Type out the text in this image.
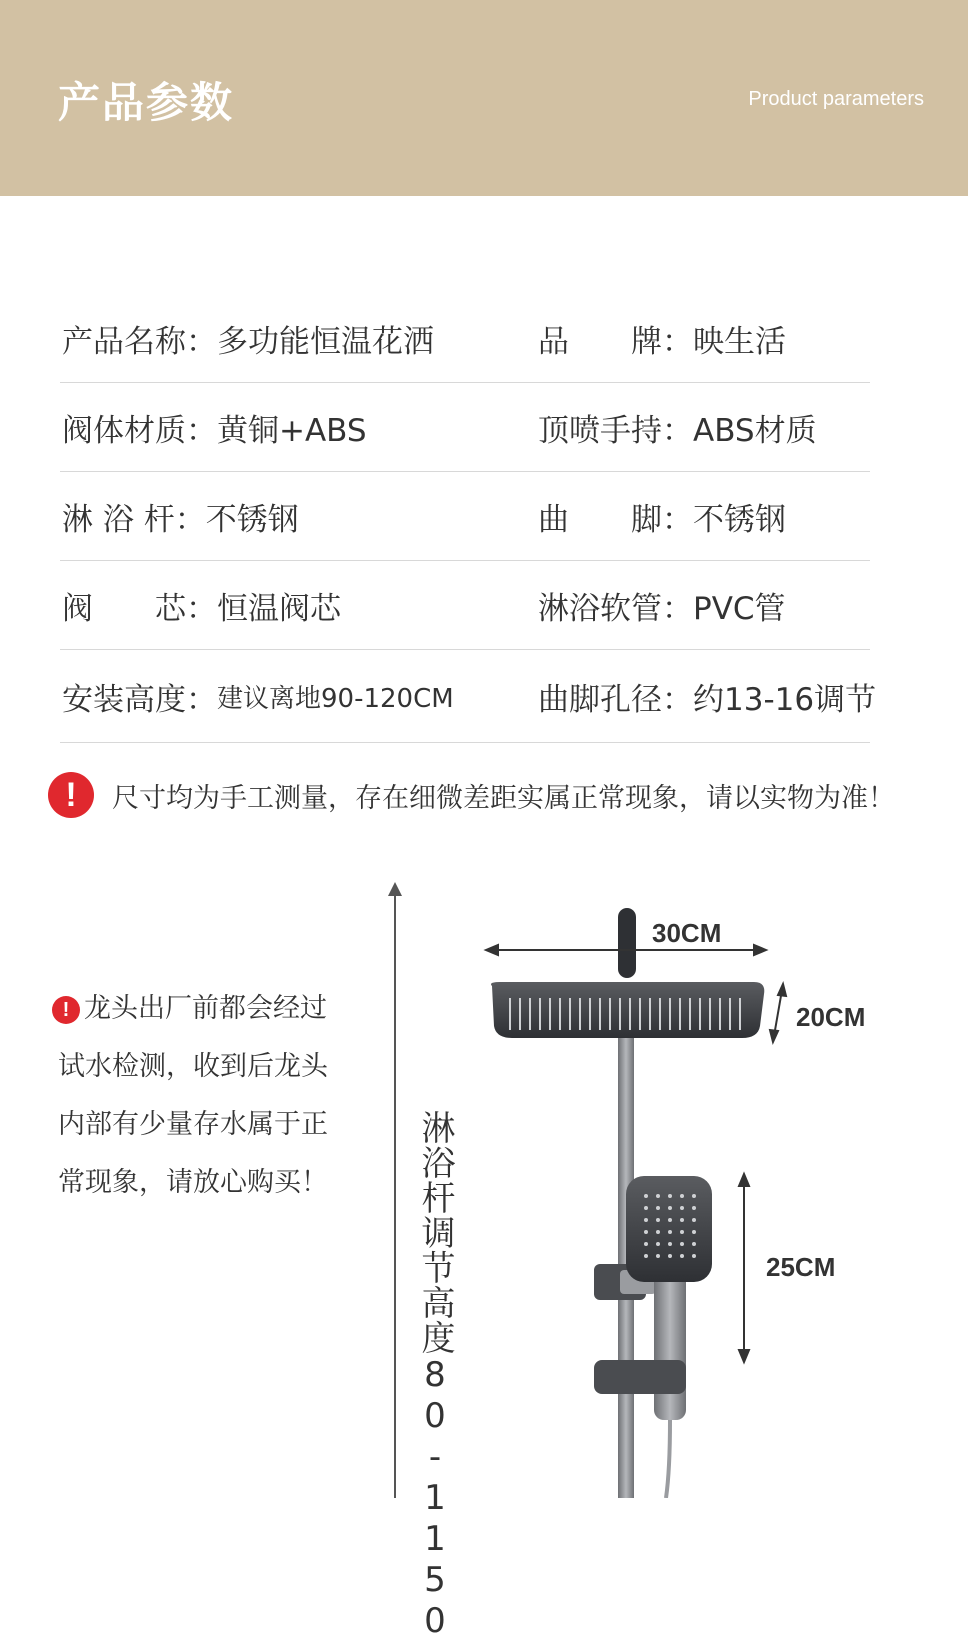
产品参数	Product parameters
产品名称： 多功能恒温花洒	品　　牌： 映生活
阀体材质： 黄铜+ABS	顶喷手持： ABS材质
淋 浴 杆： 不锈钢	曲　　脚： 不锈钢
阀　　芯： 恒温阀芯	淋浴软管： PVC管
安装高度： 建议离地90-120CM	曲脚孔径： 约13-16调节
!	尺寸均为手工测量，存在细微差距实属正常现象，请以实物为准！
! 龙头出厂前都会经过
试水检测，收到后龙头
内部有少量存水属于正
常现象，请放心购买！	淋浴杆调节高度80-1150
30CM
20CM
25CM
